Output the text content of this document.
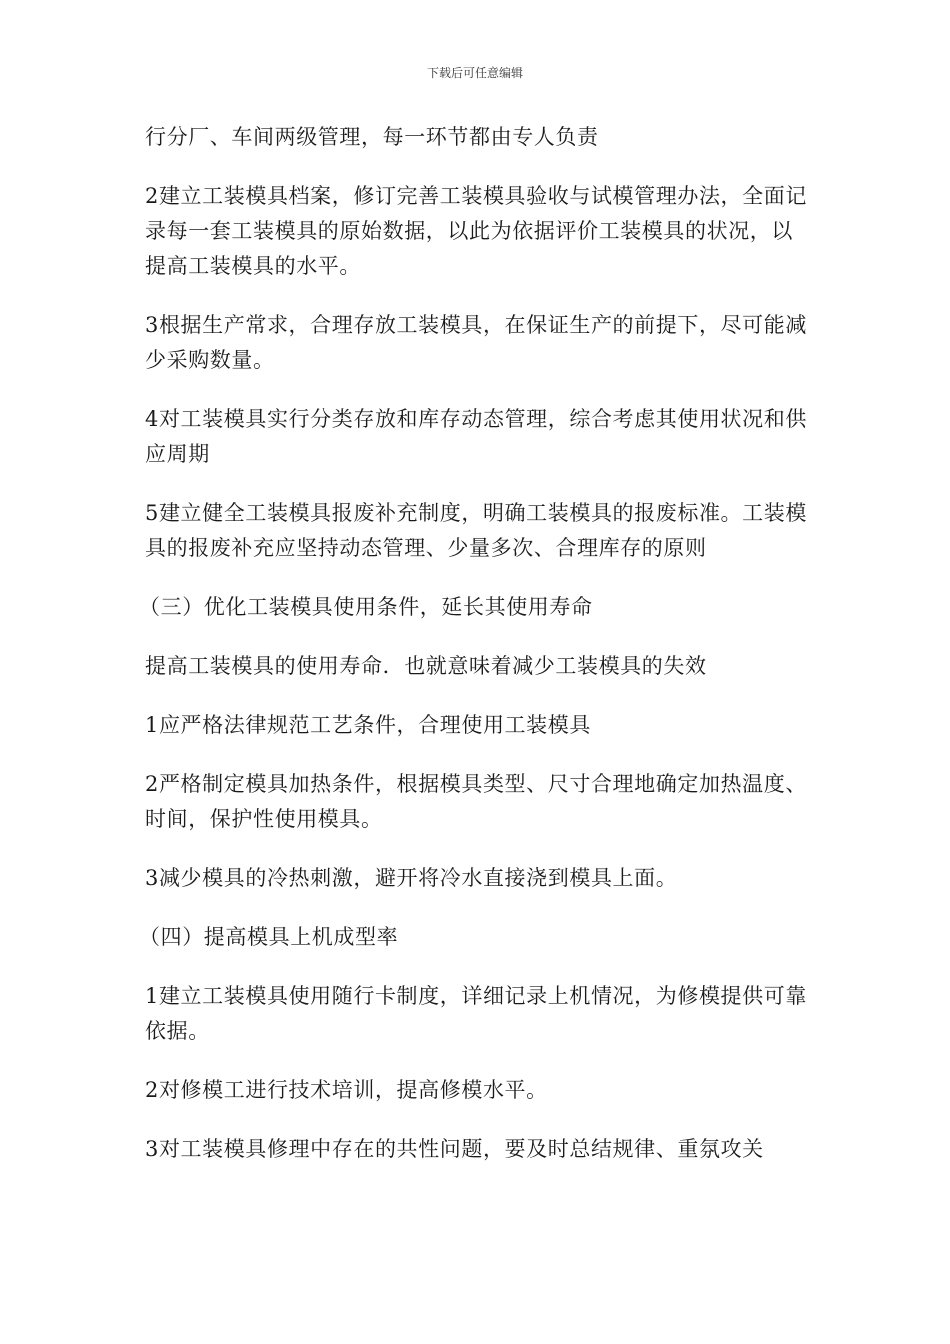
下载后可任意编辑

行分厂、车间两级管理，每一环节都由专人负责

2建立工装模具档案，修订完善工装模具验收与试模管理办法，全面记录每一套工装模具的原始数据，以此为依据评价工装模具的状况，以提高工装模具的水平。

3根据生产常求，合理存放工装模具，在保证生产的前提下，尽可能减少采购数量。

4对工装模具实行分类存放和库存动态管理，综合考虑其使用状况和供应周期

5建立健全工装模具报废补充制度，明确工装模具的报废标准。工装模具的报废补充应坚持动态管理、少量多次、合理库存的原则

（三）优化工装模具使用条件，延长其使用寿命

提高工装模具的使用寿命．也就意味着减少工装模具的失效

1应严格法律规范工艺条件，合理使用工装模具

2严格制定模具加热条件，根据模具类型、尺寸合理地确定加热温度、时间，保护性使用模具。

3减少模具的冷热刺激，避开将冷水直接浇到模具上面。

（四）提高模具上机成型率

1建立工装模具使用随行卡制度，详细记录上机情况，为修模提供可靠依据。

2对修模工进行技术培训，提高修模水平。

3对工装模具修理中存在的共性问题，要及时总结规律、重氛攻关
